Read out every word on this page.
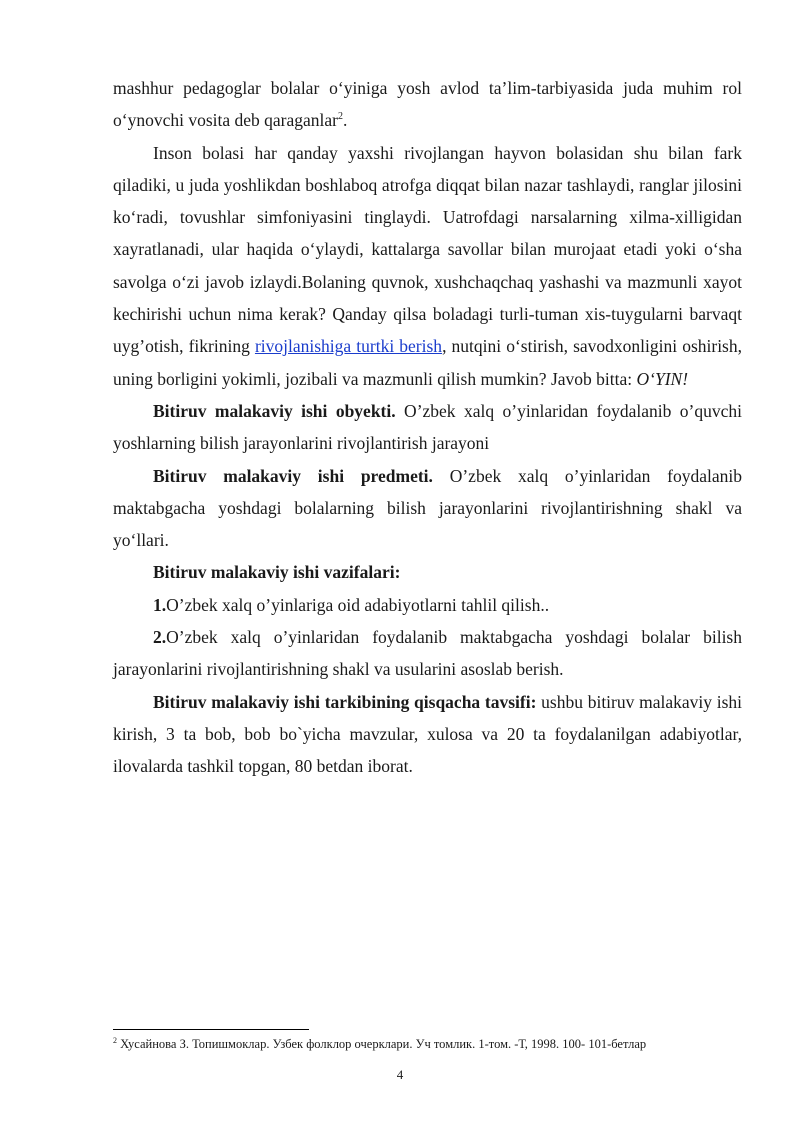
mashhur pedagoglar bolalar o‘yiniga yosh avlod ta’lim-tarbiyasida juda muhim rol o‘ynovchi vosita deb qaraganlar$^2$.

Inson bolasi har qanday yaxshi rivojlangan hayvon bolasidan shu bilan fark qiladiki, u juda yoshlikdan boshlaboq atrofga diqqat bilan nazar tashlaydi, ranglar jilosini ko‘radi, tovushlar simfoniyasini tinglaydi. Uatrofdagi narsalarning xilma-xilligidan xayratlanadi, ular haqida o‘ylaydi, kattalarga savollar bilan murojaat etadi yoki o‘sha savolga o‘zi javob izlaydi.Bolaning quvnok, xushchaqchaq yashashi va mazmunli xayot kechirishi uchun nima kerak? Qanday qilsa boladagi turli-tuman xis-tuygularni barvaqt uyg’otish, fikrining rivojlanishiga turtki berish, nutqini o‘stirish, savodxonligini oshirish, uning borligini yokimli, jozibali va mazmunli qilish mumkin? Javob bitta: O‘YIN!

Bitiruv malakaviy ishi obyekti. O’zbek xalq o’yinlaridan foydalanib o’quvchi yoshlarning bilish jarayonlarini rivojlantirish jarayoni

Bitiruv malakaviy ishi predmeti. O’zbek xalq o’yinlaridan foydalanib maktabgacha yoshdagi bolalarning bilish jarayonlarini rivojlantirishning shakl va yo‘llari.

Bitiruv malakaviy ishi vazifalari:

1.O’zbek xalq o’yinlariga oid adabiyotlarni tahlil qilish..

2.O’zbek xalq o’yinlaridan foydalanib maktabgacha yoshdagi bolalar bilish jarayonlarini rivojlantirishning shakl va usularini asoslab berish.

Bitiruv malakaviy ishi tarkibining qisqacha tavsifi: ushbu bitiruv malakaviy ishi kirish, 3 ta bob, bob bo`yicha mavzular, xulosa va 20 ta foydalanilgan adabiyotlar, ilovalarda tashkil topgan, 80 betdan iborat.

$^2$ Хусайнова З. Топишмоклар. Узбек фолклор очерклари. Уч томлик. 1-том. -Т, 1998. 100- 101-бетлар
4
